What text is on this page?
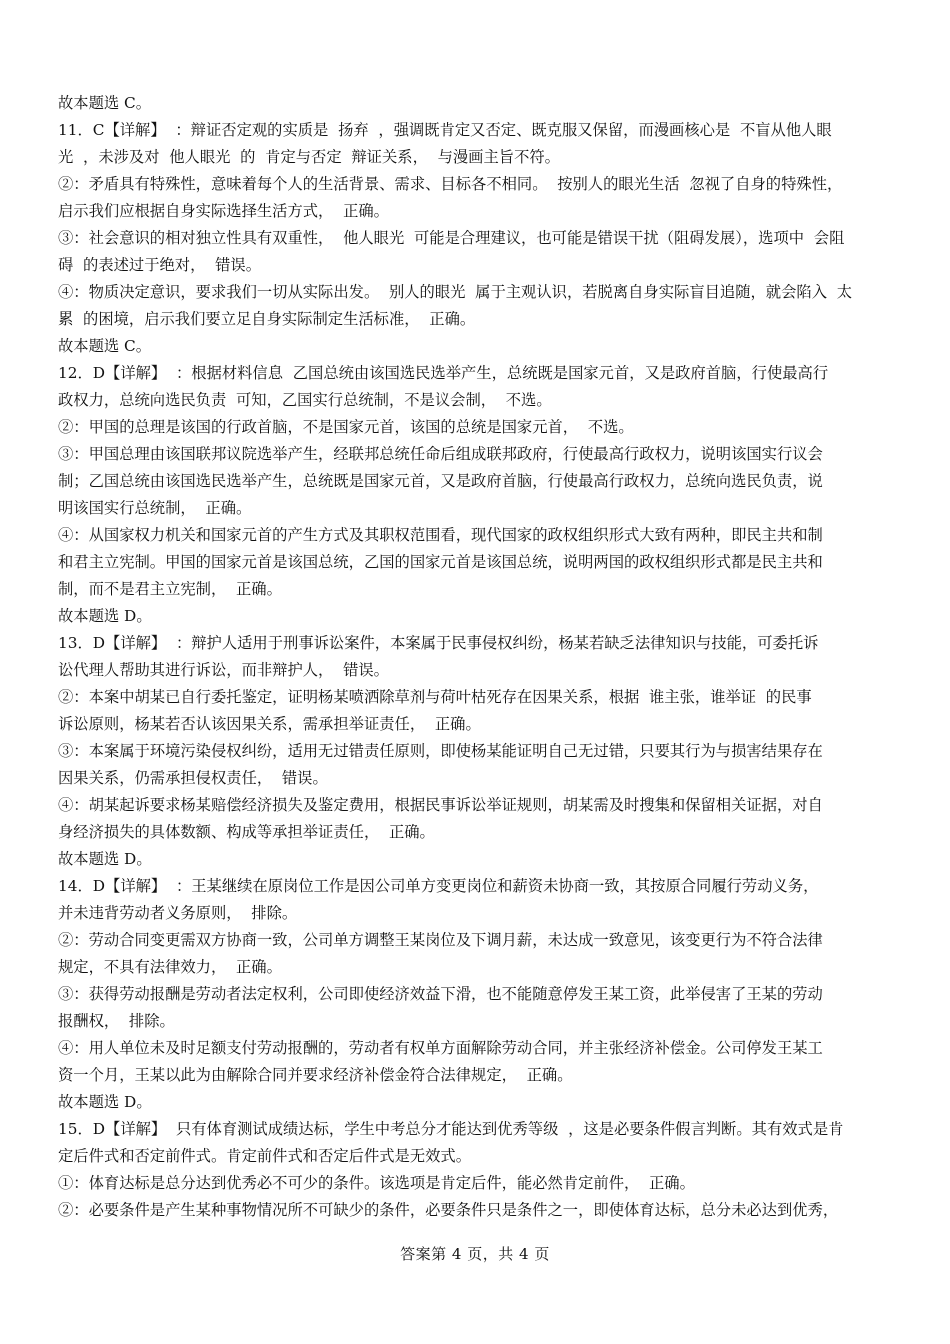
故本题选 C。
11．C【详解】  ：辩证否定观的实质是  扬弃  ，强调既肯定又否定、既克服又保留，而漫画核心是  不盲从他人眼
光  ，未涉及对  他人眼光  的  肯定与否定  辩证关系，  与漫画主旨不符。
②：矛盾具有特殊性，意味着每个人的生活背景、需求、目标各不相同。  按别人的眼光生活  忽视了自身的特殊性，
启示我们应根据自身实际选择生活方式，  正确。
③：社会意识的相对独立性具有双重性，  他人眼光  可能是合理建议，也可能是错误干扰（阻碍发展），选项中  会阻
碍  的表述过于绝对，  错误。
④：物质决定意识，要求我们一切从实际出发。  别人的眼光  属于主观认识，若脱离自身实际盲目追随，就会陷入  太
累  的困境，启示我们要立足自身实际制定生活标准，  正确。
故本题选 C。
12．D【详解】  ：根据材料信息  乙国总统由该国选民选举产生，总统既是国家元首，又是政府首脑，行使最高行
政权力，总统向选民负责  可知，乙国实行总统制，不是议会制，  不选。
②：甲国的总理是该国的行政首脑，不是国家元首，该国的总统是国家元首，  不选。
③：甲国总理由该国联邦议院选举产生，经联邦总统任命后组成联邦政府，行使最高行政权力，说明该国实行议会
制；乙国总统由该国选民选举产生，总统既是国家元首，又是政府首脑，行使最高行政权力，总统向选民负责，说
明该国实行总统制，  正确。
④：从国家权力机关和国家元首的产生方式及其职权范围看，现代国家的政权组织形式大致有两种，即民主共和制
和君主立宪制。甲国的国家元首是该国总统，乙国的国家元首是该国总统，说明两国的政权组织形式都是民主共和
制，而不是君主立宪制，  正确。
故本题选 D。
13．D【详解】  ：辩护人适用于刑事诉讼案件，本案属于民事侵权纠纷，杨某若缺乏法律知识与技能，可委托诉
讼代理人帮助其进行诉讼，而非辩护人，  错误。
②：本案中胡某已自行委托鉴定，证明杨某喷洒除草剂与荷叶枯死存在因果关系，根据  谁主张，谁举证  的民事
诉讼原则，杨某若否认该因果关系，需承担举证责任，  正确。
③：本案属于环境污染侵权纠纷，适用无过错责任原则，即使杨某能证明自己无过错，只要其行为与损害结果存在
因果关系，仍需承担侵权责任，  错误。
④：胡某起诉要求杨某赔偿经济损失及鉴定费用，根据民事诉讼举证规则，胡某需及时搜集和保留相关证据，对自
身经济损失的具体数额、构成等承担举证责任，  正确。
故本题选 D。
14．D【详解】  ：王某继续在原岗位工作是因公司单方变更岗位和薪资未协商一致，其按原合同履行劳动义务，
并未违背劳动者义务原则，  排除。
②：劳动合同变更需双方协商一致，公司单方调整王某岗位及下调月薪，未达成一致意见，该变更行为不符合法律
规定，不具有法律效力，  正确。
③：获得劳动报酬是劳动者法定权利，公司即使经济效益下滑，也不能随意停发王某工资，此举侵害了王某的劳动
报酬权，  排除。
④：用人单位未及时足额支付劳动报酬的，劳动者有权单方面解除劳动合同，并主张经济补偿金。公司停发王某工
资一个月，王某以此为由解除合同并要求经济补偿金符合法律规定，  正确。
故本题选 D。
15．D【详解】  只有体育测试成绩达标，学生中考总分才能达到优秀等级  ，这是必要条件假言判断。其有效式是肯
定后件式和否定前件式。肯定前件式和否定后件式是无效式。
①：体育达标是总分达到优秀必不可少的条件。该选项是肯定后件，能必然肯定前件，  正确。
②：必要条件是产生某种事物情况所不可缺少的条件，必要条件只是条件之一，即使体育达标，总分未必达到优秀，
答案第 4 页，共 4 页
